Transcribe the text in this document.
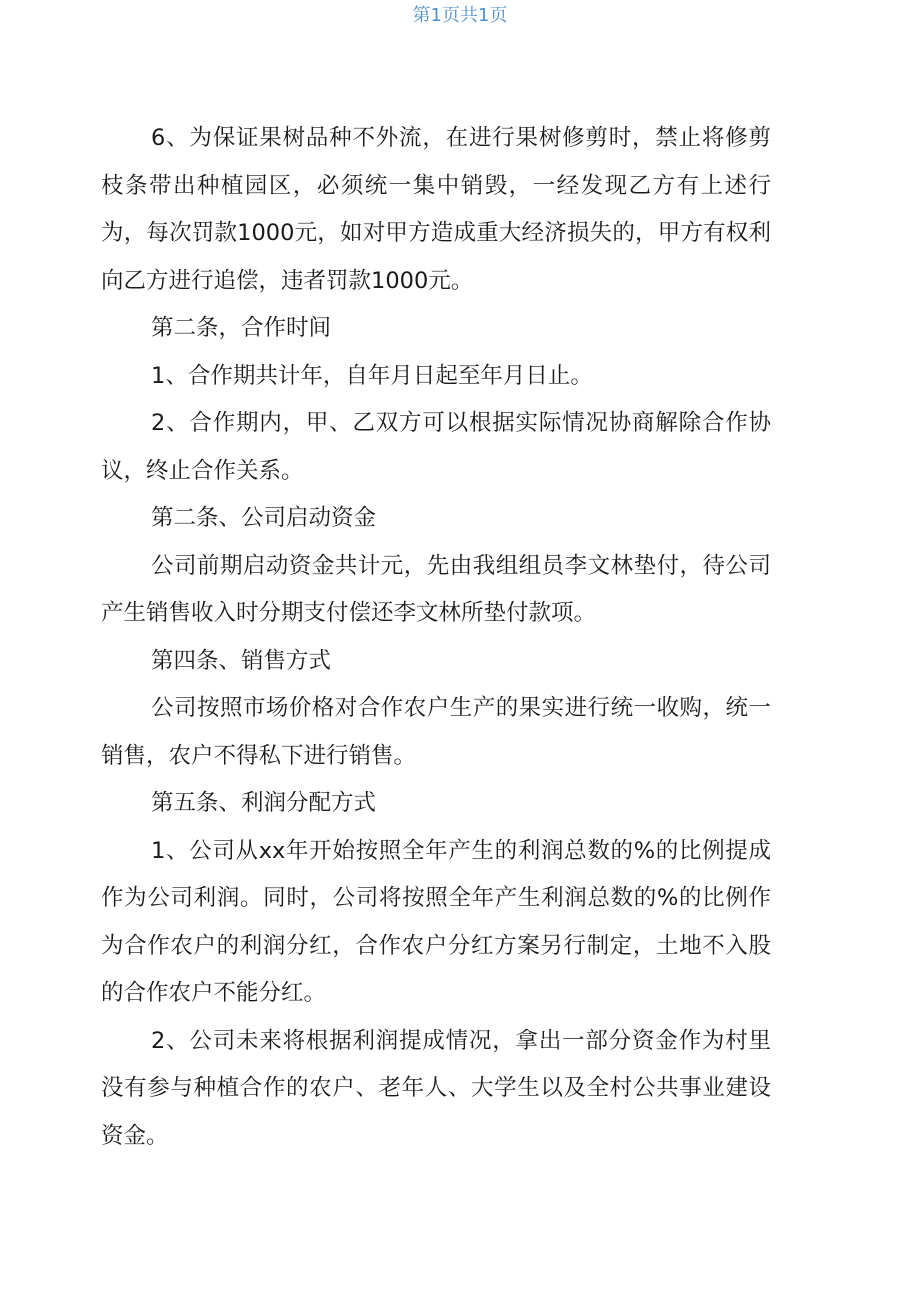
第1页共1页

6、为保证果树品种不外流，在进行果树修剪时，禁止将修剪枝条带出种植园区，必须统一集中销毁，一经发现乙方有上述行为，每次罚款1000元，如对甲方造成重大经济损失的，甲方有权利向乙方进行追偿，违者罚款1000元。

第二条，合作时间

1、合作期共计年，自年月日起至年月日止。

2、合作期内，甲、乙双方可以根据实际情况协商解除合作协议，终止合作关系。

第二条、公司启动资金

公司前期启动资金共计元，先由我组组员李文林垫付，待公司产生销售收入时分期支付偿还李文林所垫付款项。

第四条、销售方式

公司按照市场价格对合作农户生产的果实进行统一收购，统一销售，农户不得私下进行销售。

第五条、利润分配方式

1、公司从xx年开始按照全年产生的利润总数的%的比例提成作为公司利润。同时，公司将按照全年产生利润总数的%的比例作为合作农户的利润分红，合作农户分红方案另行制定，土地不入股的合作农户不能分红。

2、公司未来将根据利润提成情况，拿出一部分资金作为村里没有参与种植合作的农户、老年人、大学生以及全村公共事业建设资金。
